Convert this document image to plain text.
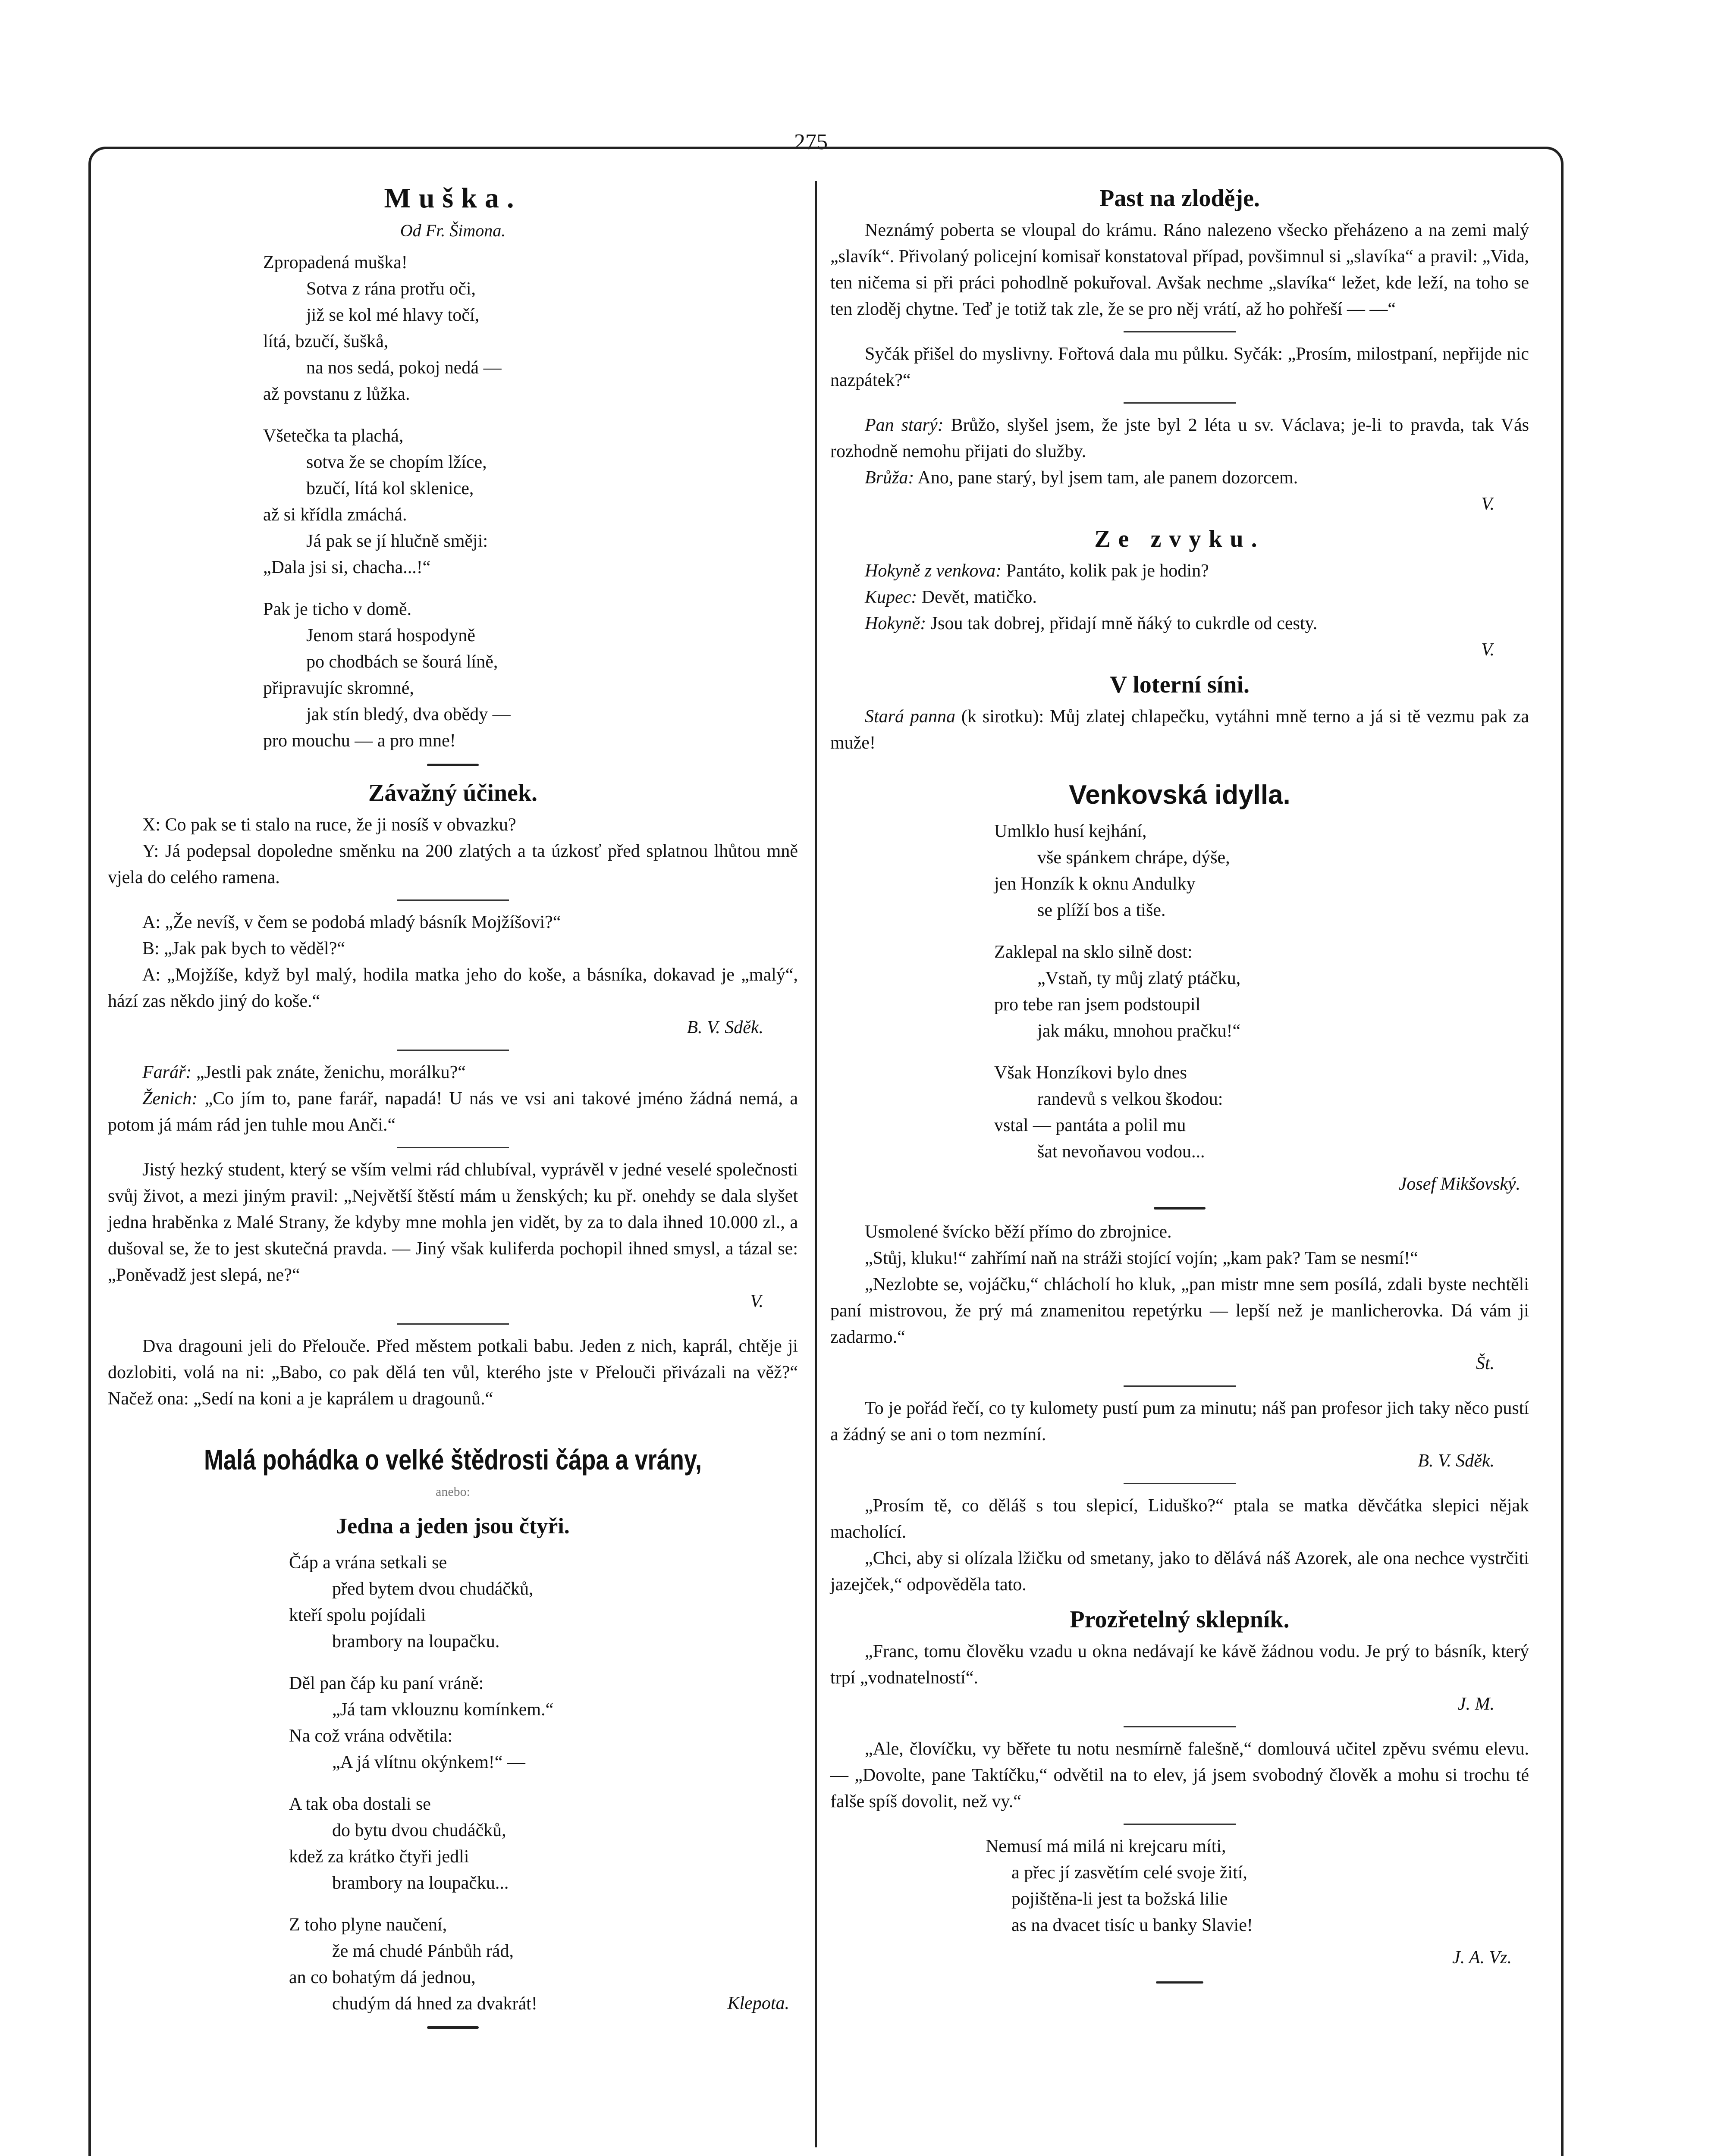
275
Muška.
Od Fr. Šimona.
Zpropadená muška!
Sotva z rána protřu oči,
již se kol mé hlavy točí,
lítá, bzučí, šuškå,
na nos sedá, pokoj nedá —
až povstanu z lůžka.
Všetečka ta plachá,
sotva že se chopím lžíce,
bzučí, lítá kol sklenice,
až si křídla zmáchá.
Já pak se jí hlučně směji:
„Dala jsi si, chacha...!“
Pak je ticho v domě.
Jenom stará hospodyně
po chodbách se šourá líně,
připravujíc skromné,
jak stín bledý, dva obědy —
pro mouchu — a pro mne!
Závažný účinek.

X: Co pak se ti stalo na ruce, že ji nosíš v obvazku?

Y: Já podepsal dopoledne směnku na 200 zlatých a ta úzkosť před splatnou lhůtou mně vjela do celého ramena.

A: „Že nevíš, v čem se podobá mladý básník Mojžíšovi?“

B: „Jak pak bych to věděl?“

A: „Mojžíše, když byl malý, hodila matka jeho do koše, a básníka, dokavad je „malý“, hází zas někdo jiný do koše.“

B. V. Sděk.

Farář: „Jestli pak znáte, ženichu, morálku?“

Ženich: „Co jím to, pane farář, napadá! U nás ve vsi ani takové jméno žádná nemá, a potom já mám rád jen tuhle mou Anči.“

Jistý hezký student, který se vším velmi rád chlubíval, vyprávěl v jedné veselé společnosti svůj život, a mezi jiným pravil: „Největší štěstí mám u ženských; ku př. onehdy se dala slyšet jedna hraběnka z Malé Strany, že kdyby mne mohla jen vidět, by za to dala ihned 10.000 zl., a dušoval se, že to jest skutečná pravda. — Jiný však kuliferda pochopil ihned smysl, a tázal se: „Poněvadž jest slepá, ne?“

V.

Dva dragouni jeli do Přelouče. Před městem potkali babu. Jeden z nich, kaprál, chtěje ji dozlobiti, volá na ni: „Babo, co pak dělá ten vůl, kterého jste v Přelouči přivázali na věž?“ Načež ona: „Sedí na koni a je kaprálem u dragounů.“

Malá pohádka o velké štědrosti čápa a vrány,
anebo:
Jedna a jeden jsou čtyři.
Čáp a vrána setkali se
před bytem dvou chudáčků,
kteří spolu pojídali
brambory na loupačku.
Děl pan čáp ku paní vráně:
„Já tam vklouznu komínkem.“
Na což vrána odvětila:
„A já vlítnu okýnkem!“ —
A tak oba dostali se
do bytu dvou chudáčků,
kdež za krátko čtyři jedli
brambory na loupačku...
Z toho plyne naučení,
že má chudé Pánbůh rád,
an co bohatým dá jednou,
chudým dá hned za dvakrát!	Klepota.

Past na zloděje.

Neznámý poberta se vloupal do krámu. Ráno nalezeno všecko přeházeno a na zemi malý „slavík“. Přivolaný policejní komisař konstatoval případ, povšimnul si „slavíka“ a pravil: „Vida, ten ničema si při práci pohodlně pokuřoval. Avšak nechme „slavíka“ ležet, kde leží, na toho se ten zloděj chytne. Teď je totiž tak zle, že se pro něj vrátí, až ho pohřeší — —“

Syčák přišel do myslivny. Fořtová dala mu půlku. Syčák: „Prosím, milostpaní, nepřijde nic nazpátek?“

Pan starý: Brůžo, slyšel jsem, že jste byl 2 léta u sv. Václava; je-li to pravda, tak Vás rozhodně nemohu přijati do služby.

Brůža: Ano, pane starý, byl jsem tam, ale panem dozorcem.

V.

Ze zvyku.

Hokyně z venkova: Pantáto, kolik pak je hodin?

Kupec: Devět, matičko.

Hokyně: Jsou tak dobrej, přidají mně ňáký to cukrdle od cesty.

V.

V loterní síni.

Stará panna (k sirotku): Můj zlatej chlapečku, vytáhni mně terno a já si tě vezmu pak za muže!

Venkovská idylla.
Umlklo husí kejhání,
vše spánkem chrápe, dýše,
jen Honzík k oknu Andulky
se plíží bos a tiše.
Zaklepal na sklo silně dost:
„Vstaň, ty můj zlatý ptáčku,
pro tebe ran jsem podstoupil
jak máku, mnohou pračku!“
Však Honzíkovi bylo dnes
randevů s velkou škodou:
vstal — pantáta a polil mu
šat nevoňavou vodou...

Josef Mikšovský.

Usmolené švícko běží přímo do zbrojnice.

„Stůj, kluku!“ zahřímí naň na stráži stojící vojín; „kam pak? Tam se nesmí!“

„Nezlobte se, vojáčku,“ chlácholí ho kluk, „pan mistr mne sem posílá, zdali byste nechtěli paní mistrovou, že prý má znamenitou repetýrku — lepší než je manlicherovka. Dá vám ji zadarmo.“

Št.

To je pořád řečí, co ty kulomety pustí pum za minutu; náš pan profesor jich taky něco pustí a žádný se ani o tom nezmíní.

B. V. Sděk.

„Prosím tě, co děláš s tou slepicí, Liduško?“ ptala se matka děvčátka slepici nějak macholící.

„Chci, aby si olízala lžičku od smetany, jako to dělává náš Azorek, ale ona nechce vystrčiti jazejček,“ odpověděla tato.

Prozřetelný sklepník.

„Franc, tomu člověku vzadu u okna nedávají ke kávě žádnou vodu. Je prý to básník, který trpí „vodnatelností“.

J. M.

„Ale, človíčku, vy běřete tu notu nesmírně falešně,“ domlouvá učitel zpěvu svému elevu. — „Dovolte, pane Taktíčku,“ odvětil na to elev, já jsem svobodný člověk a mohu si trochu té falše spíš dovolit, než vy.“

Nemusí má milá ni krejcaru míti,
a přec jí zasvětím celé svoje žití,
pojištěna-li jest ta božská lilie
as na dvacet tisíc u banky Slavie!

J. A. Vz.
